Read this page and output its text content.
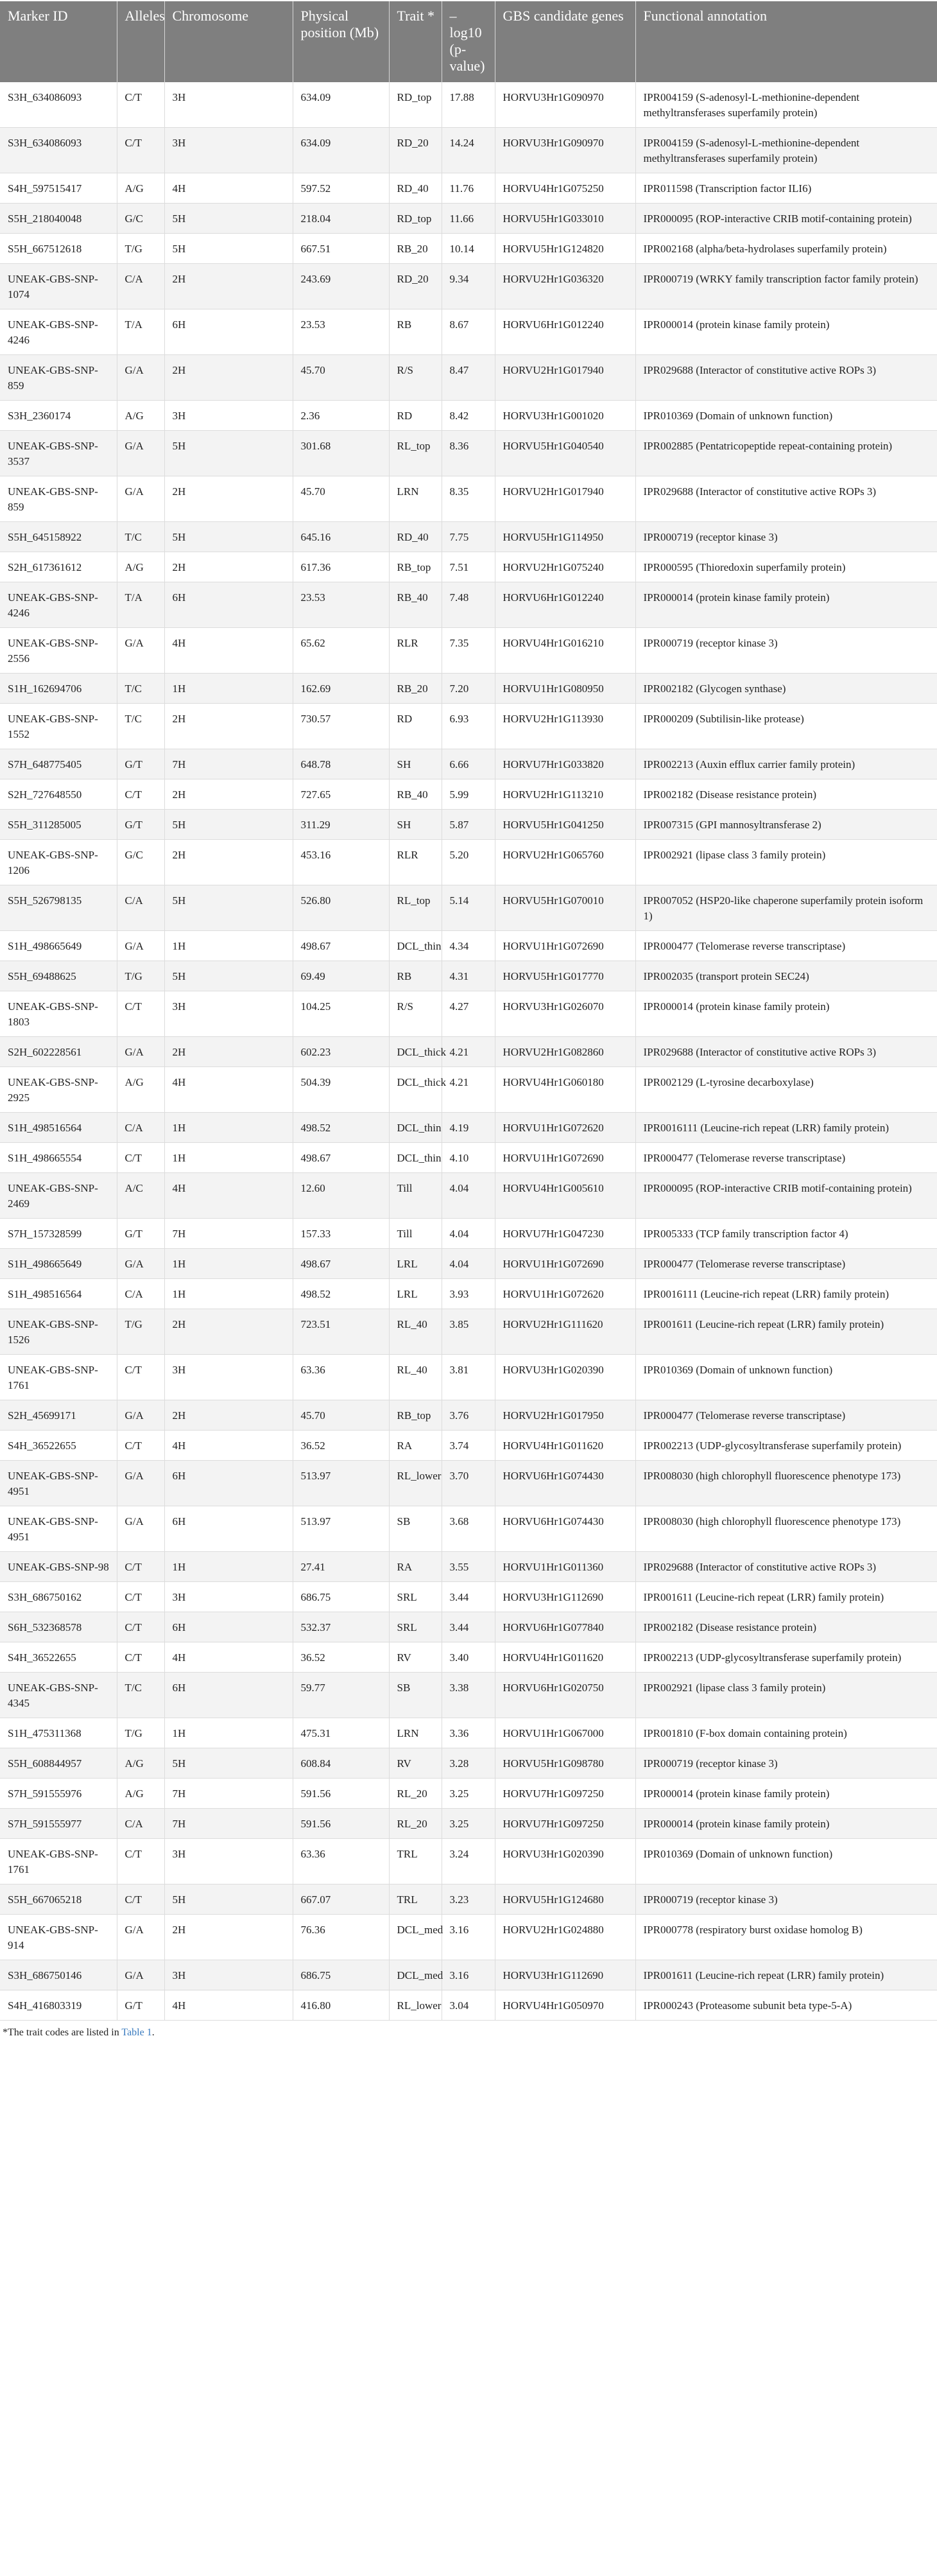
Marker ID	Alleles	Chromosome	Physical position (Mb)	Trait *	–log10 (p-value)	GBS candidate genes	Functional annotation
S3H_634086093	C/T	3H	634.09	RD_top	17.88	HORVU3Hr1G090970	IPR004159 (S-adenosyl-L-methionine-dependent methyltransferases superfamily protein)
S3H_634086093	C/T	3H	634.09	RD_20	14.24	HORVU3Hr1G090970	IPR004159 (S-adenosyl-L-methionine-dependent methyltransferases superfamily protein)
S4H_597515417	A/G	4H	597.52	RD_40	11.76	HORVU4Hr1G075250	IPR011598 (Transcription factor ILI6)
S5H_218040048	G/C	5H	218.04	RD_top	11.66	HORVU5Hr1G033010	IPR000095 (ROP-interactive CRIB motif-containing protein)
S5H_667512618	T/G	5H	667.51	RB_20	10.14	HORVU5Hr1G124820	IPR002168 (alpha/beta-hydrolases superfamily protein)
UNEAK-GBS-SNP-1074	C/A	2H	243.69	RD_20	9.34	HORVU2Hr1G036320	IPR000719 (WRKY family transcription factor family protein)
UNEAK-GBS-SNP-4246	T/A	6H	23.53	RB	8.67	HORVU6Hr1G012240	IPR000014 (protein kinase family protein)
UNEAK-GBS-SNP-859	G/A	2H	45.70	R/S	8.47	HORVU2Hr1G017940	IPR029688 (Interactor of constitutive active ROPs 3)
S3H_2360174	A/G	3H	2.36	RD	8.42	HORVU3Hr1G001020	IPR010369 (Domain of unknown function)
UNEAK-GBS-SNP-3537	G/A	5H	301.68	RL_top	8.36	HORVU5Hr1G040540	IPR002885 (Pentatricopeptide repeat-containing protein)
UNEAK-GBS-SNP-859	G/A	2H	45.70	LRN	8.35	HORVU2Hr1G017940	IPR029688 (Interactor of constitutive active ROPs 3)
S5H_645158922	T/C	5H	645.16	RD_40	7.75	HORVU5Hr1G114950	IPR000719 (receptor kinase 3)
S2H_617361612	A/G	2H	617.36	RB_top	7.51	HORVU2Hr1G075240	IPR000595 (Thioredoxin superfamily protein)
UNEAK-GBS-SNP-4246	T/A	6H	23.53	RB_40	7.48	HORVU6Hr1G012240	IPR000014 (protein kinase family protein)
UNEAK-GBS-SNP-2556	G/A	4H	65.62	RLR	7.35	HORVU4Hr1G016210	IPR000719 (receptor kinase 3)
S1H_162694706	T/C	1H	162.69	RB_20	7.20	HORVU1Hr1G080950	IPR002182 (Glycogen synthase)
UNEAK-GBS-SNP-1552	T/C	2H	730.57	RD	6.93	HORVU2Hr1G113930	IPR000209 (Subtilisin-like protease)
S7H_648775405	G/T	7H	648.78	SH	6.66	HORVU7Hr1G033820	IPR002213 (Auxin efflux carrier family protein)
S2H_727648550	C/T	2H	727.65	RB_40	5.99	HORVU2Hr1G113210	IPR002182 (Disease resistance protein)
S5H_311285005	G/T	5H	311.29	SH	5.87	HORVU5Hr1G041250	IPR007315 (GPI mannosyltransferase 2)
UNEAK-GBS-SNP-1206	G/C	2H	453.16	RLR	5.20	HORVU2Hr1G065760	IPR002921 (lipase class 3 family protein)
S5H_526798135	C/A	5H	526.80	RL_top	5.14	HORVU5Hr1G070010	IPR007052 (HSP20-like chaperone superfamily protein isoform 1)
S1H_498665649	G/A	1H	498.67	DCL_thin	4.34	HORVU1Hr1G072690	IPR000477 (Telomerase reverse transcriptase)
S5H_69488625	T/G	5H	69.49	RB	4.31	HORVU5Hr1G017770	IPR002035 (transport protein SEC24)
UNEAK-GBS-SNP-1803	C/T	3H	104.25	R/S	4.27	HORVU3Hr1G026070	IPR000014 (protein kinase family protein)
S2H_602228561	G/A	2H	602.23	DCL_thick	4.21	HORVU2Hr1G082860	IPR029688 (Interactor of constitutive active ROPs 3)
UNEAK-GBS-SNP-2925	A/G	4H	504.39	DCL_thick	4.21	HORVU4Hr1G060180	IPR002129 (L-tyrosine decarboxylase)
S1H_498516564	C/A	1H	498.52	DCL_thin	4.19	HORVU1Hr1G072620	IPR0016111 (Leucine-rich repeat (LRR) family protein)
S1H_498665554	C/T	1H	498.67	DCL_thin	4.10	HORVU1Hr1G072690	IPR000477 (Telomerase reverse transcriptase)
UNEAK-GBS-SNP-2469	A/C	4H	12.60	Till	4.04	HORVU4Hr1G005610	IPR000095 (ROP-interactive CRIB motif-containing protein)
S7H_157328599	G/T	7H	157.33	Till	4.04	HORVU7Hr1G047230	IPR005333 (TCP family transcription factor 4)
S1H_498665649	G/A	1H	498.67	LRL	4.04	HORVU1Hr1G072690	IPR000477 (Telomerase reverse transcriptase)
S1H_498516564	C/A	1H	498.52	LRL	3.93	HORVU1Hr1G072620	IPR0016111 (Leucine-rich repeat (LRR) family protein)
UNEAK-GBS-SNP-1526	T/G	2H	723.51	RL_40	3.85	HORVU2Hr1G111620	IPR001611 (Leucine-rich repeat (LRR) family protein)
UNEAK-GBS-SNP-1761	C/T	3H	63.36	RL_40	3.81	HORVU3Hr1G020390	IPR010369 (Domain of unknown function)
S2H_45699171	G/A	2H	45.70	RB_top	3.76	HORVU2Hr1G017950	IPR000477 (Telomerase reverse transcriptase)
S4H_36522655	C/T	4H	36.52	RA	3.74	HORVU4Hr1G011620	IPR002213 (UDP-glycosyltransferase superfamily protein)
UNEAK-GBS-SNP-4951	G/A	6H	513.97	RL_lower	3.70	HORVU6Hr1G074430	IPR008030 (high chlorophyll fluorescence phenotype 173)
UNEAK-GBS-SNP-4951	G/A	6H	513.97	SB	3.68	HORVU6Hr1G074430	IPR008030 (high chlorophyll fluorescence phenotype 173)
UNEAK-GBS-SNP-98	C/T	1H	27.41	RA	3.55	HORVU1Hr1G011360	IPR029688 (Interactor of constitutive active ROPs 3)
S3H_686750162	C/T	3H	686.75	SRL	3.44	HORVU3Hr1G112690	IPR001611 (Leucine-rich repeat (LRR) family protein)
S6H_532368578	C/T	6H	532.37	SRL	3.44	HORVU6Hr1G077840	IPR002182 (Disease resistance protein)
S4H_36522655	C/T	4H	36.52	RV	3.40	HORVU4Hr1G011620	IPR002213 (UDP-glycosyltransferase superfamily protein)
UNEAK-GBS-SNP-4345	T/C	6H	59.77	SB	3.38	HORVU6Hr1G020750	IPR002921 (lipase class 3 family protein)
S1H_475311368	T/G	1H	475.31	LRN	3.36	HORVU1Hr1G067000	IPR001810 (F-box domain containing protein)
S5H_608844957	A/G	5H	608.84	RV	3.28	HORVU5Hr1G098780	IPR000719 (receptor kinase 3)
S7H_591555976	A/G	7H	591.56	RL_20	3.25	HORVU7Hr1G097250	IPR000014 (protein kinase family protein)
S7H_591555977	C/A	7H	591.56	RL_20	3.25	HORVU7Hr1G097250	IPR000014 (protein kinase family protein)
UNEAK-GBS-SNP-1761	C/T	3H	63.36	TRL	3.24	HORVU3Hr1G020390	IPR010369 (Domain of unknown function)
S5H_667065218	C/T	5H	667.07	TRL	3.23	HORVU5Hr1G124680	IPR000719 (receptor kinase 3)
UNEAK-GBS-SNP-914	G/A	2H	76.36	DCL_med	3.16	HORVU2Hr1G024880	IPR000778 (respiratory burst oxidase homolog B)
S3H_686750146	G/A	3H	686.75	DCL_med	3.16	HORVU3Hr1G112690	IPR001611 (Leucine-rich repeat (LRR) family protein)
S4H_416803319	G/T	4H	416.80	RL_lower	3.04	HORVU4Hr1G050970	IPR000243 (Proteasome subunit beta type-5-A)
*The trait codes are listed in Table 1.
